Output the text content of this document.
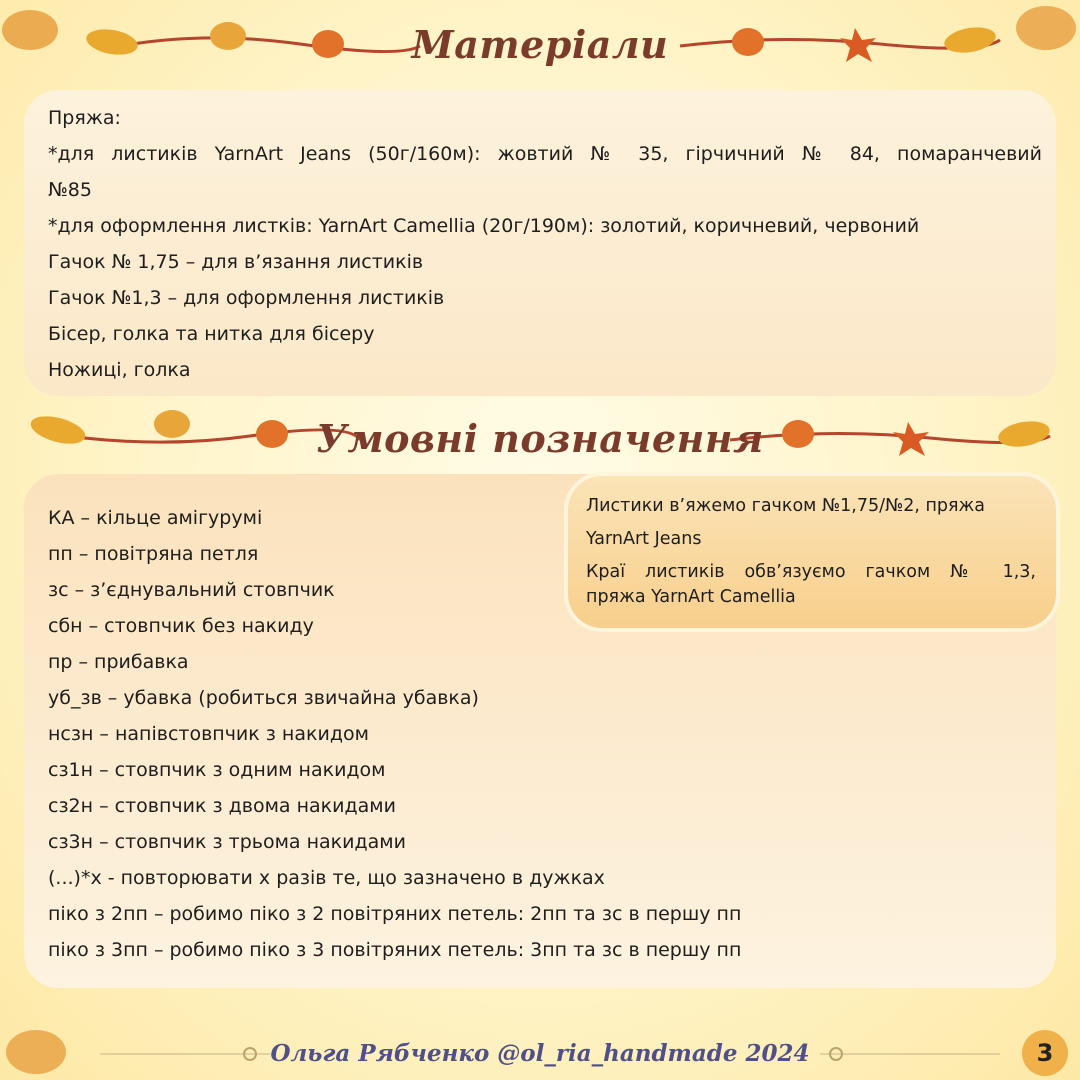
Матеріали
Пряжа:
*для листиків YarnArt Jeans (50г/160м): жовтий № 35, гірчичний № 84, помаранчевий
№85
*для оформлення листків: YarnArt Camellia (20г/190м): золотий, коричневий, червоний
Гачок № 1,75 – для в’язання листиків
Гачок №1,3 – для оформлення листиків
Бісер, голка та нитка для бісеру
Ножиці, голка
Умовні позначення
КА – кільце амігурумі
пп – повітряна петля
зс – з’єднувальний стовпчик
сбн – стовпчик без накиду
пр – прибавка
уб_зв – убавка (робиться звичайна убавка)
нсзн – напівстовпчик з накидом
сз1н – стовпчик з одним накидом
сз2н – стовпчик з двома накидами
сз3н – стовпчик з трьома накидами
(...)*х - повторювати х разів те, що зазначено в дужках
піко з 2пп – робимо піко з 2 повітряних петель: 2пп та зс в першу пп
піко з 3пп – робимо піко з 3 повітряних петель: 3пп та зс в першу пп
Листики в’яжемо гачком №1,75/№2, пряжа
YarnArt Jeans
Краї листиків обв’язуємо гачком № 1,3,
пряжа YarnArt Camellia
Ольга Рябченко @ol_ria_handmade 2024	3
